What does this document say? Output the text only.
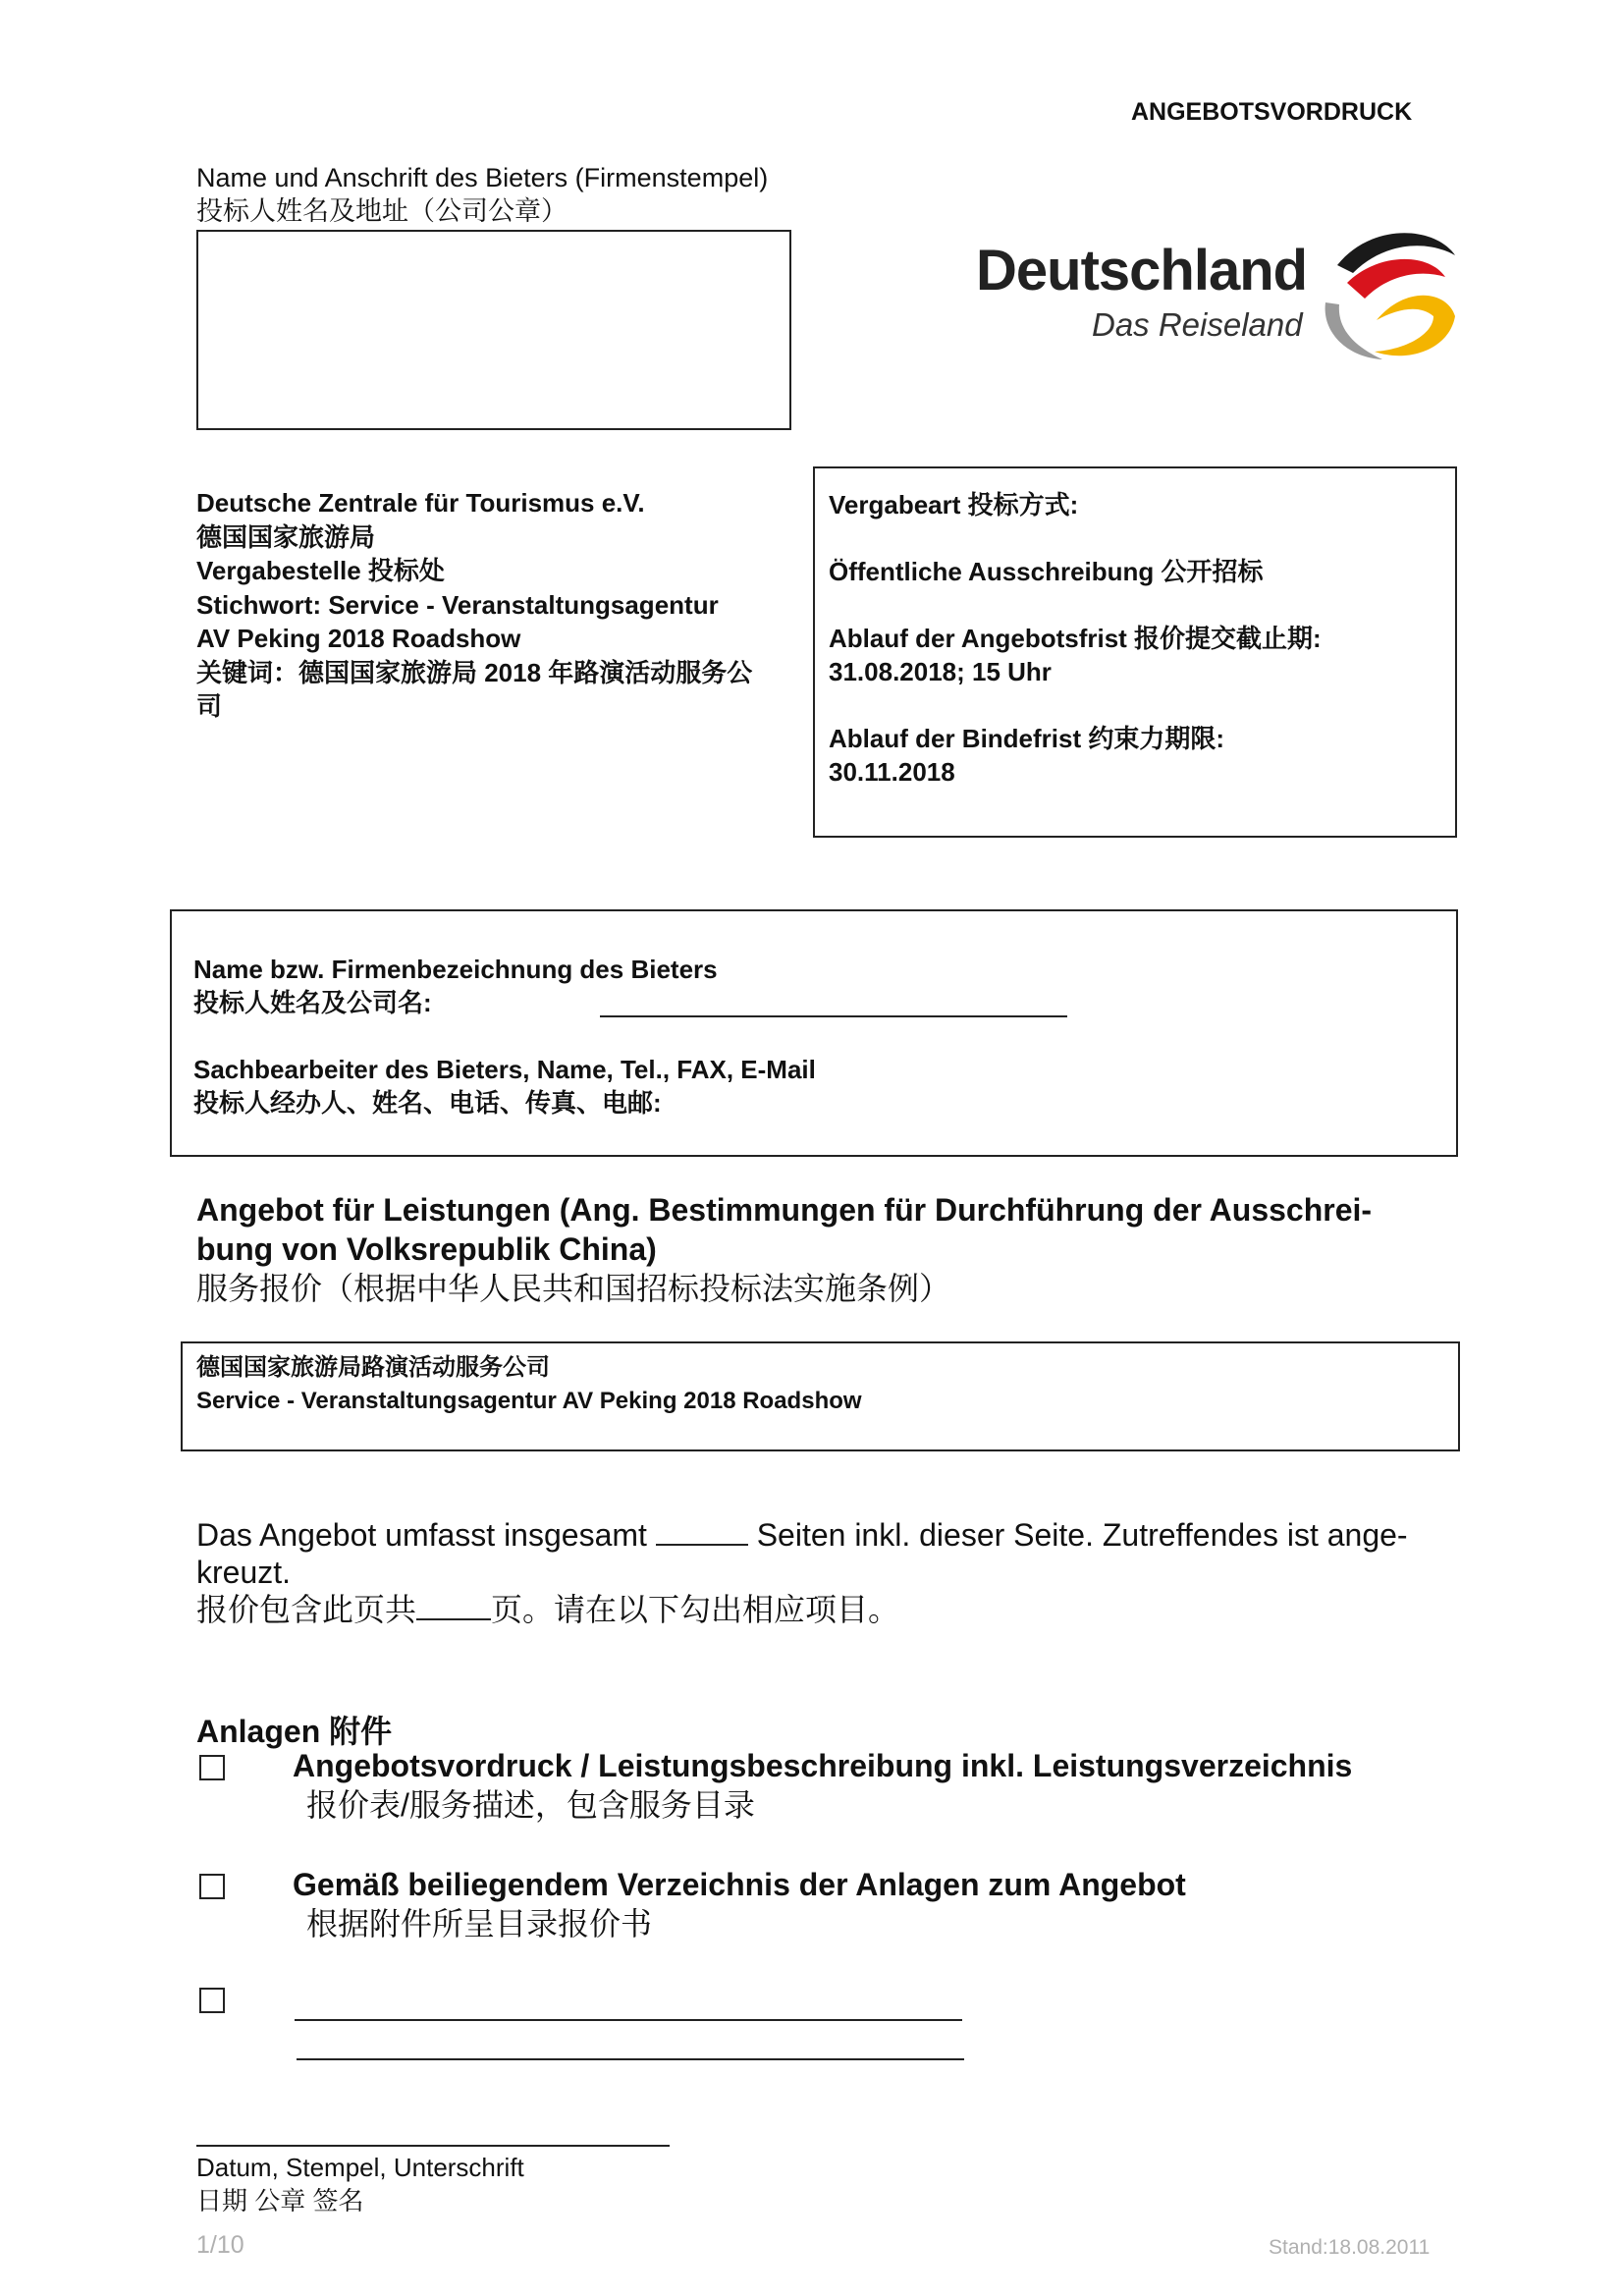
ANGEBOTSVORDRUCK
Name und Anschrift des Bieters (Firmenstempel)
投标人姓名及地址（公司公章）
Deutschland
Das Reiseland
Deutsche Zentrale für Tourismus e.V.
德国国家旅游局
Vergabestelle 投标处
Stichwort: Service - Veranstaltungsagentur
AV Peking 2018 Roadshow
关键词：德国国家旅游局 2018 年路演活动服务公
司
Vergabeart 投标方式:
Öffentliche Ausschreibung 公开招标
Ablauf der Angebotsfrist 报价提交截止期:
31.08.2018; 15 Uhr
Ablauf der Bindefrist 约束力期限:
30.11.2018
Name bzw. Firmenbezeichnung des Bieters
投标人姓名及公司名:
Sachbearbeiter des Bieters, Name, Tel., FAX, E-Mail
投标人经办人、姓名、电话、传真、电邮:
Angebot für Leistungen (Ang. Bestimmungen für Durchführung der Ausschrei-
bung von Volksrepublik China)
服务报价（根据中华人民共和国招标投标法实施条例）
德国国家旅游局路演活动服务公司
Service - Veranstaltungsagentur AV Peking 2018 Roadshow
Das Angebot umfasst insgesamt	Seiten inkl. dieser Seite. Zutreffendes ist ange-
kreuzt.
报价包含此页共 页。请在以下勾出相应项目。
Anlagen 附件
Angebotsvordruck / Leistungsbeschreibung inkl. Leistungsverzeichnis
报价表/服务描述，包含服务目录
Gemäß beiliegendem Verzeichnis der Anlagen zum Angebot
根据附件所呈目录报价书
Datum, Stempel, Unterschrift
日期 公章 签名
1/10	Stand:18.08.2011
